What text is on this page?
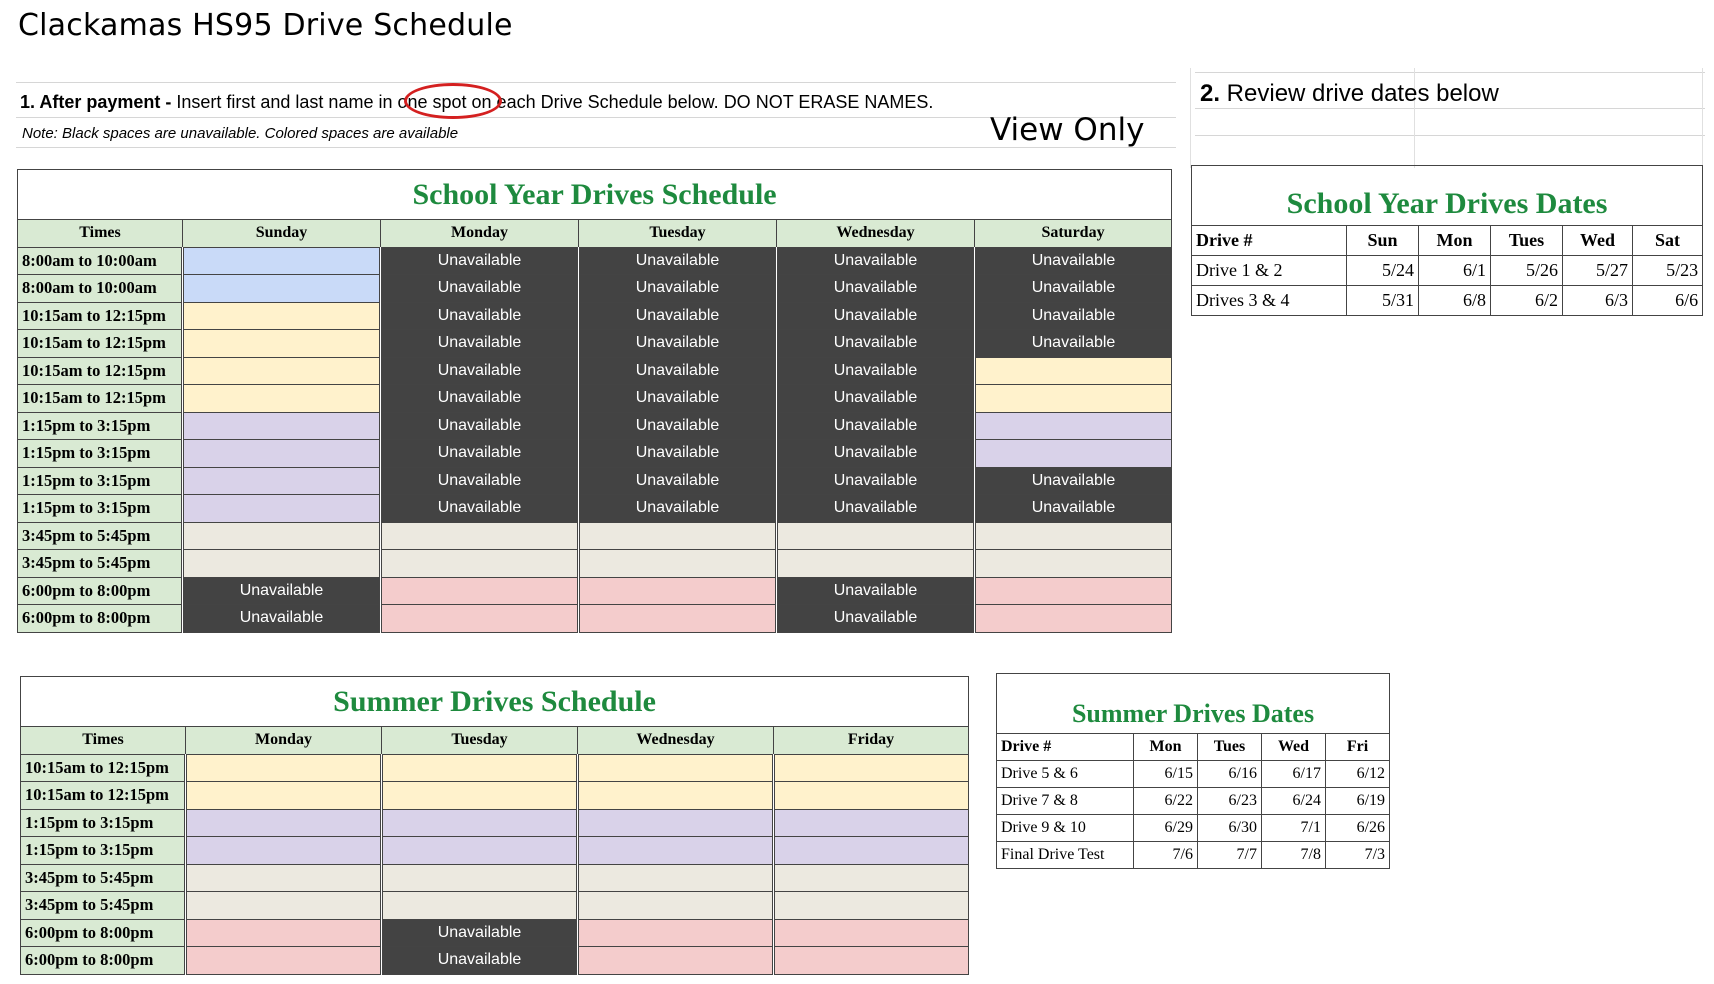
Clackamas HS95 Drive Schedule
1. After payment - Insert first and last name in one spot on each Drive Schedule below. DO NOT ERASE NAMES.
Note: Black spaces are unavailable. Colored spaces are available	View Only
2. Review drive dates below
School Year Drives Schedule					
Times	Sunday	Monday	Tuesday	Wednesday	Saturday
8:00am to 10:00am		Unavailable	Unavailable	Unavailable	Unavailable
8:00am to 10:00am		Unavailable	Unavailable	Unavailable	Unavailable
10:15am to 12:15pm		Unavailable	Unavailable	Unavailable	Unavailable
10:15am to 12:15pm		Unavailable	Unavailable	Unavailable	Unavailable
10:15am to 12:15pm		Unavailable	Unavailable	Unavailable	
10:15am to 12:15pm		Unavailable	Unavailable	Unavailable	
1:15pm to 3:15pm		Unavailable	Unavailable	Unavailable	
1:15pm to 3:15pm		Unavailable	Unavailable	Unavailable	
1:15pm to 3:15pm		Unavailable	Unavailable	Unavailable	Unavailable
1:15pm to 3:15pm		Unavailable	Unavailable	Unavailable	Unavailable
3:45pm to 5:45pm					
3:45pm to 5:45pm					
6:00pm to 8:00pm	Unavailable			Unavailable	
6:00pm to 8:00pm	Unavailable			Unavailable	
Summer Drives Schedule				
Times	Monday	Tuesday	Wednesday	Friday
10:15am to 12:15pm				
10:15am to 12:15pm				
1:15pm to 3:15pm				
1:15pm to 3:15pm				
3:45pm to 5:45pm				
3:45pm to 5:45pm				
6:00pm to 8:00pm		Unavailable		
6:00pm to 8:00pm		Unavailable		
School Year Drives Dates					
Drive #	Sun	Mon	Tues	Wed	Sat
Drive 1 & 2	5/24	6/1	5/26	5/27	5/23
Drives 3 & 4	5/31	6/8	6/2	6/3	6/6
Summer Drives Dates				
Drive #	Mon	Tues	Wed	Fri
Drive 5 & 6	6/15	6/16	6/17	6/12
Drive 7 & 8	6/22	6/23	6/24	6/19
Drive 9 & 10	6/29	6/30	7/1	6/26
Final Drive Test	7/6	7/7	7/8	7/3
